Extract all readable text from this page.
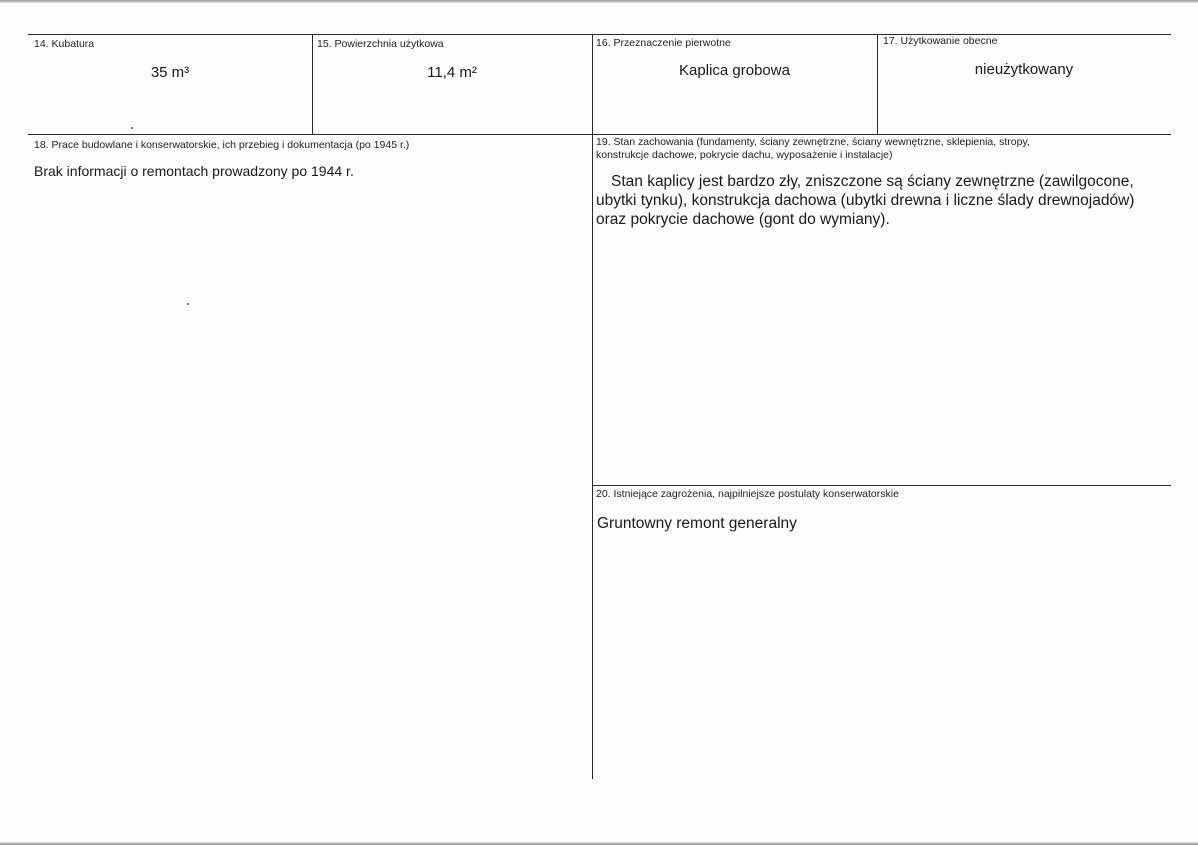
14. Kubatura
35 m³
15. Powierzchnia użytkowa
11,4 m²
16. Przeznaczenie pierwotne
Kaplica grobowa
17. Użytkowanie obecne
nieużytkowany
18. Prace budowlane i konserwatorskie, ich przebieg i dokumentacja (po 1945 r.)
Brak informacji o remontach prowadzony po 1944 r.
19. Stan zachowania (fundamenty, ściany zewnętrzne, ściany wewnętrzne, sklepienia, stropy,
konstrukcje dachowe, pokrycie dachu, wyposażenie i instalacje)
Stan kaplicy jest bardzo zły, zniszczone są ściany zewnętrzne (zawilgocone,
ubytki tynku), konstrukcja dachowa (ubytki drewna i liczne ślady drewnojadów)
oraz pokrycie dachowe (gont do wymiany).
20. Istniejące zagrożenia, najpilniejsze postulaty konserwatorskie
Gruntowny remont generalny
